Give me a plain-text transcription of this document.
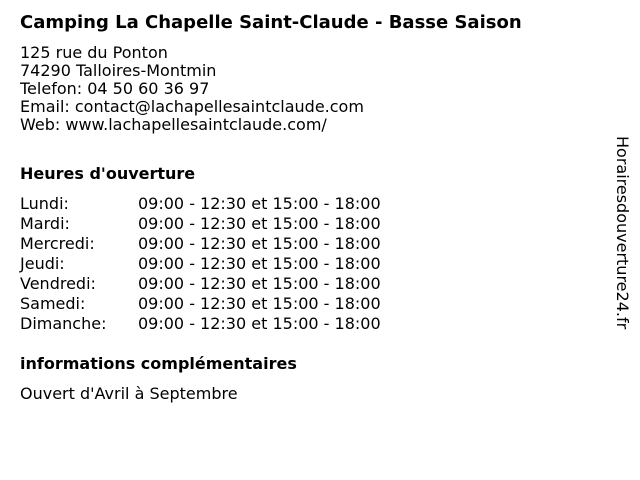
Camping La Chapelle Saint-Claude - Basse Saison
125 rue du Ponton
74290 Talloires-Montmin
Telefon: 04 50 60 36 97
Email: contact@lachapellesaintclaude.com
Web: www.lachapellesaintclaude.com/
Heures d'ouverture
Lundi:	09:00 - 12:30 et 15:00 - 18:00
Mardi:	09:00 - 12:30 et 15:00 - 18:00
Mercredi:	09:00 - 12:30 et 15:00 - 18:00
Jeudi:	09:00 - 12:30 et 15:00 - 18:00
Vendredi:	09:00 - 12:30 et 15:00 - 18:00
Samedi:	09:00 - 12:30 et 15:00 - 18:00
Dimanche: 09:00 - 12:30 et 15:00 - 18:00
informations complémentaires
Ouvert d'Avril à Septembre
Horairesdouverture24.fr
